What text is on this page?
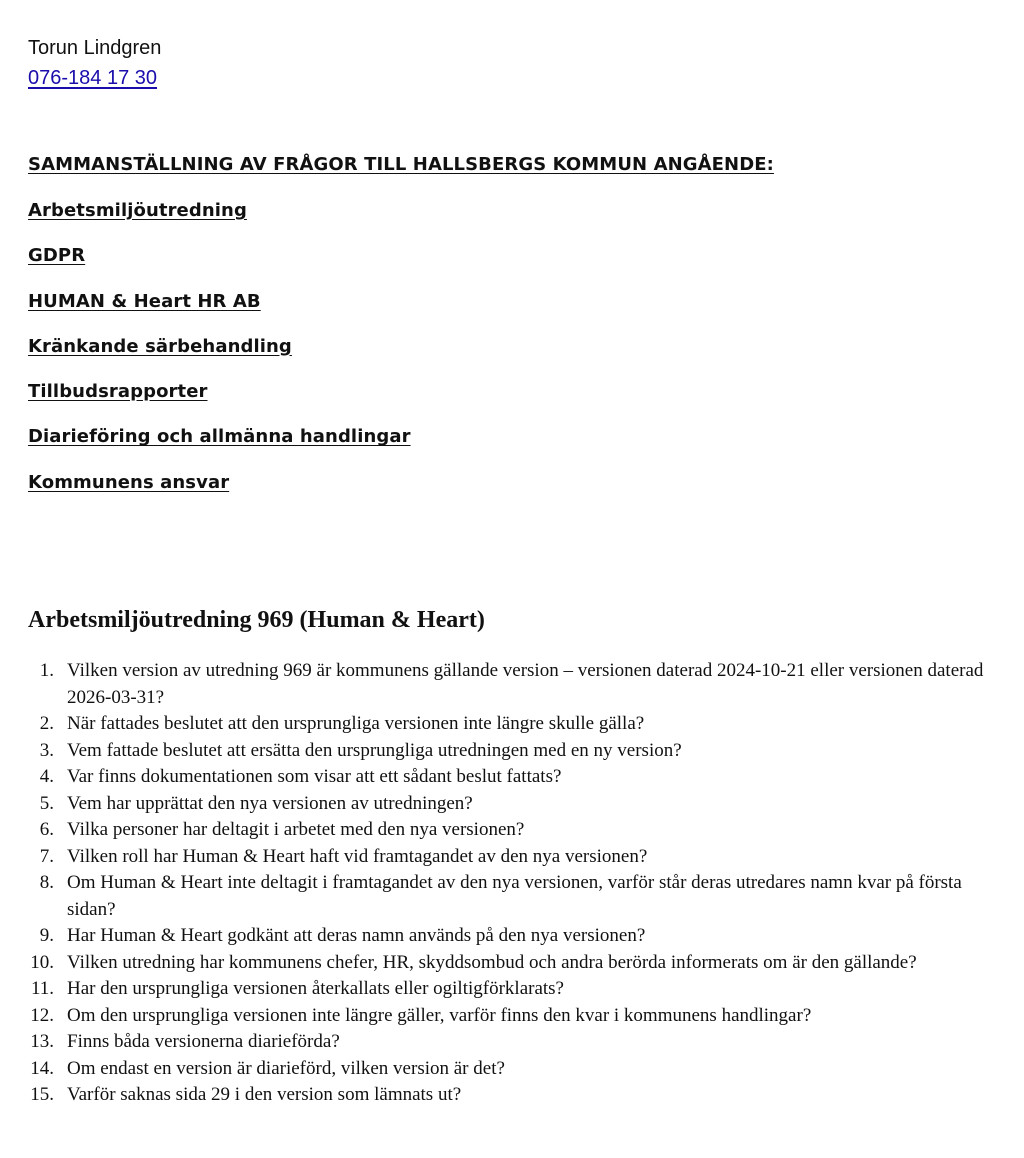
Torun Lindgren
076-184 17 30
SAMMANSTÄLLNING AV FRÅGOR TILL HALLSBERGS KOMMUN ANGÅENDE:
Arbetsmiljöutredning
GDPR
HUMAN & Heart HR AB
Kränkande särbehandling
Tillbudsrapporter
Diarieföring och allmänna handlingar
Kommunens ansvar
Arbetsmiljöutredning 969 (Human & Heart)
1. Vilken version av utredning 969 är kommunens gällande version – versionen daterad 2024-10-21 eller versionen daterad 2026-03-31?
2. När fattades beslutet att den ursprungliga versionen inte längre skulle gälla?
3. Vem fattade beslutet att ersätta den ursprungliga utredningen med en ny version?
4. Var finns dokumentationen som visar att ett sådant beslut fattats?
5. Vem har upprättat den nya versionen av utredningen?
6. Vilka personer har deltagit i arbetet med den nya versionen?
7. Vilken roll har Human & Heart haft vid framtagandet av den nya versionen?
8. Om Human & Heart inte deltagit i framtagandet av den nya versionen, varför står deras utredares namn kvar på första sidan?
9. Har Human & Heart godkänt att deras namn används på den nya versionen?
10. Vilken utredning har kommunens chefer, HR, skyddsombud och andra berörda informerats om är den gällande?
11. Har den ursprungliga versionen återkallats eller ogiltigförklarats?
12. Om den ursprungliga versionen inte längre gäller, varför finns den kvar i kommunens handlingar?
13. Finns båda versionerna diarieförda?
14. Om endast en version är diarieförd, vilken version är det?
15. Varför saknas sida 29 i den version som lämnats ut?
